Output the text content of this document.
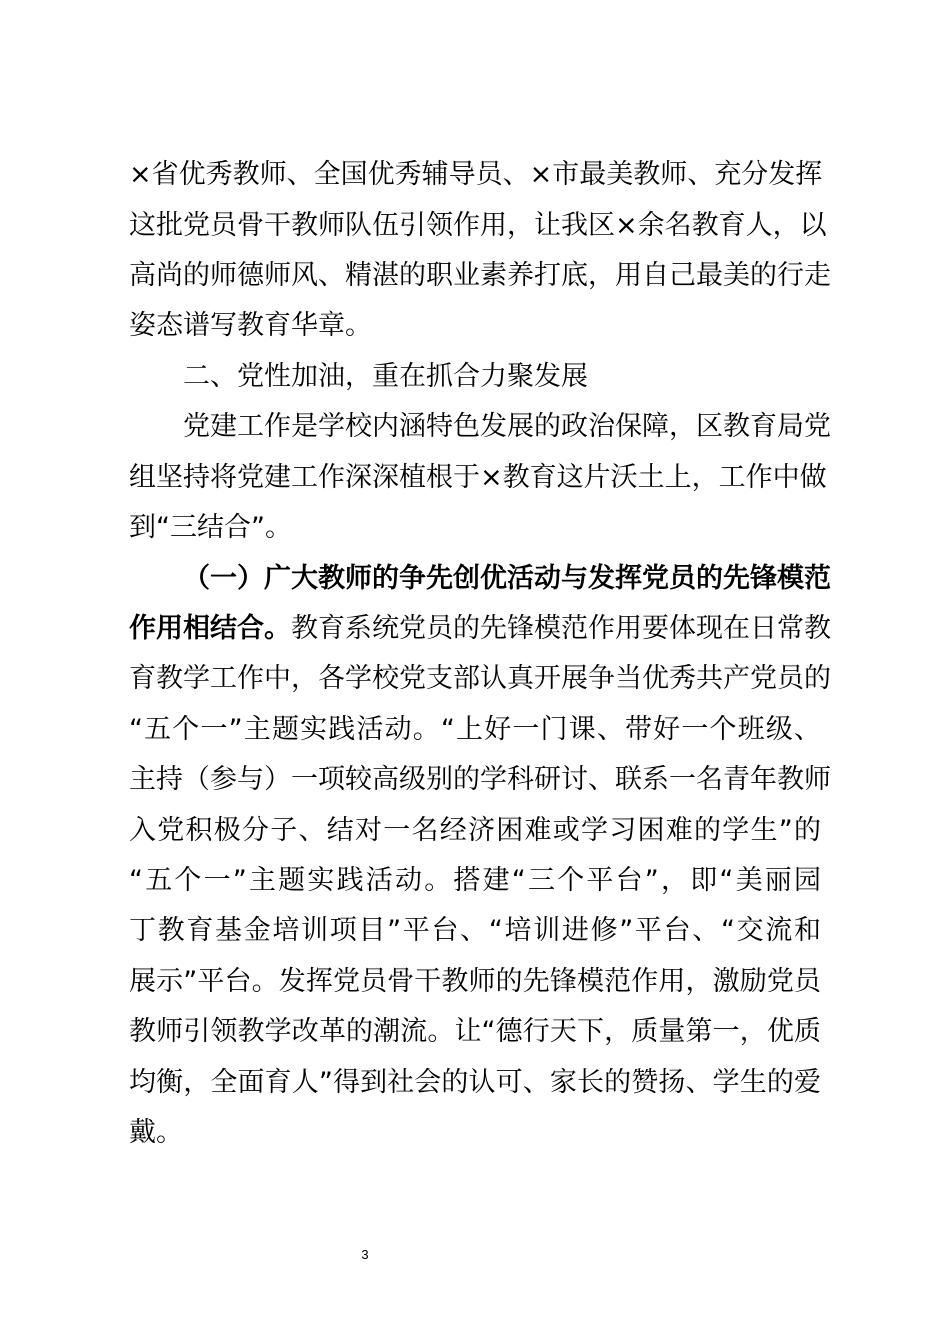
×省优秀教师、全国优秀辅导员、×市最美教师、充分发挥
这批党员骨干教师队伍引领作用，让我区×余名教育人，以
高尚的师德师风、精湛的职业素养打底，用自己最美的行走
姿态谱写教育华章。
二、党性加油，重在抓合力聚发展
党建工作是学校内涵特色发展的政治保障，区教育局党
组坚持将党建工作深深植根于×教育这片沃土上，工作中做
到“三结合”。
（一）广大教师的争先创优活动与发挥党员的先锋模范
作用相结合。教育系统党员的先锋模范作用要体现在日常教
育教学工作中，各学校党支部认真开展争当优秀共产党员的
“五个一”主题实践活动。“上好一门课、带好一个班级、
主持（参与）一项较高级别的学科研讨、联系一名青年教师
入党积极分子、结对一名经济困难或学习困难的学生”的
“五个一”主题实践活动。搭建“三个平台”，即“美丽园
丁教育基金培训项目”平台、“培训进修”平台、“交流和
展示”平台。发挥党员骨干教师的先锋模范作用，激励党员
教师引领教学改革的潮流。让“德行天下，质量第一，优质
均衡，全面育人”得到社会的认可、家长的赞扬、学生的爱
戴。
3
